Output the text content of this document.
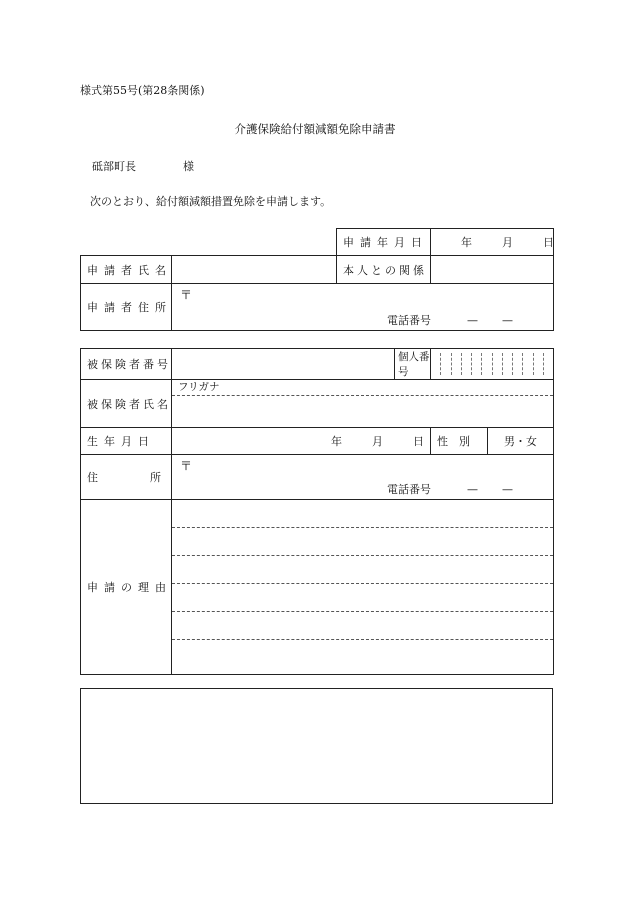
様式第55号(第28条関係)
介護保険給付額減額免除申請書
砥部町長	様
次のとおり、給付額減額措置免除を申請します。
		申請年月日	年 月 日
申請者氏名		本人との関係	
申請者住所	〒
電話番号 — —		
被保険者番号		個人番号		

被保険者氏名	フリガナ			

生年月日	年 月 日		性　別	男・女
住 所	〒
電話番号 — —			

申請の理由				
